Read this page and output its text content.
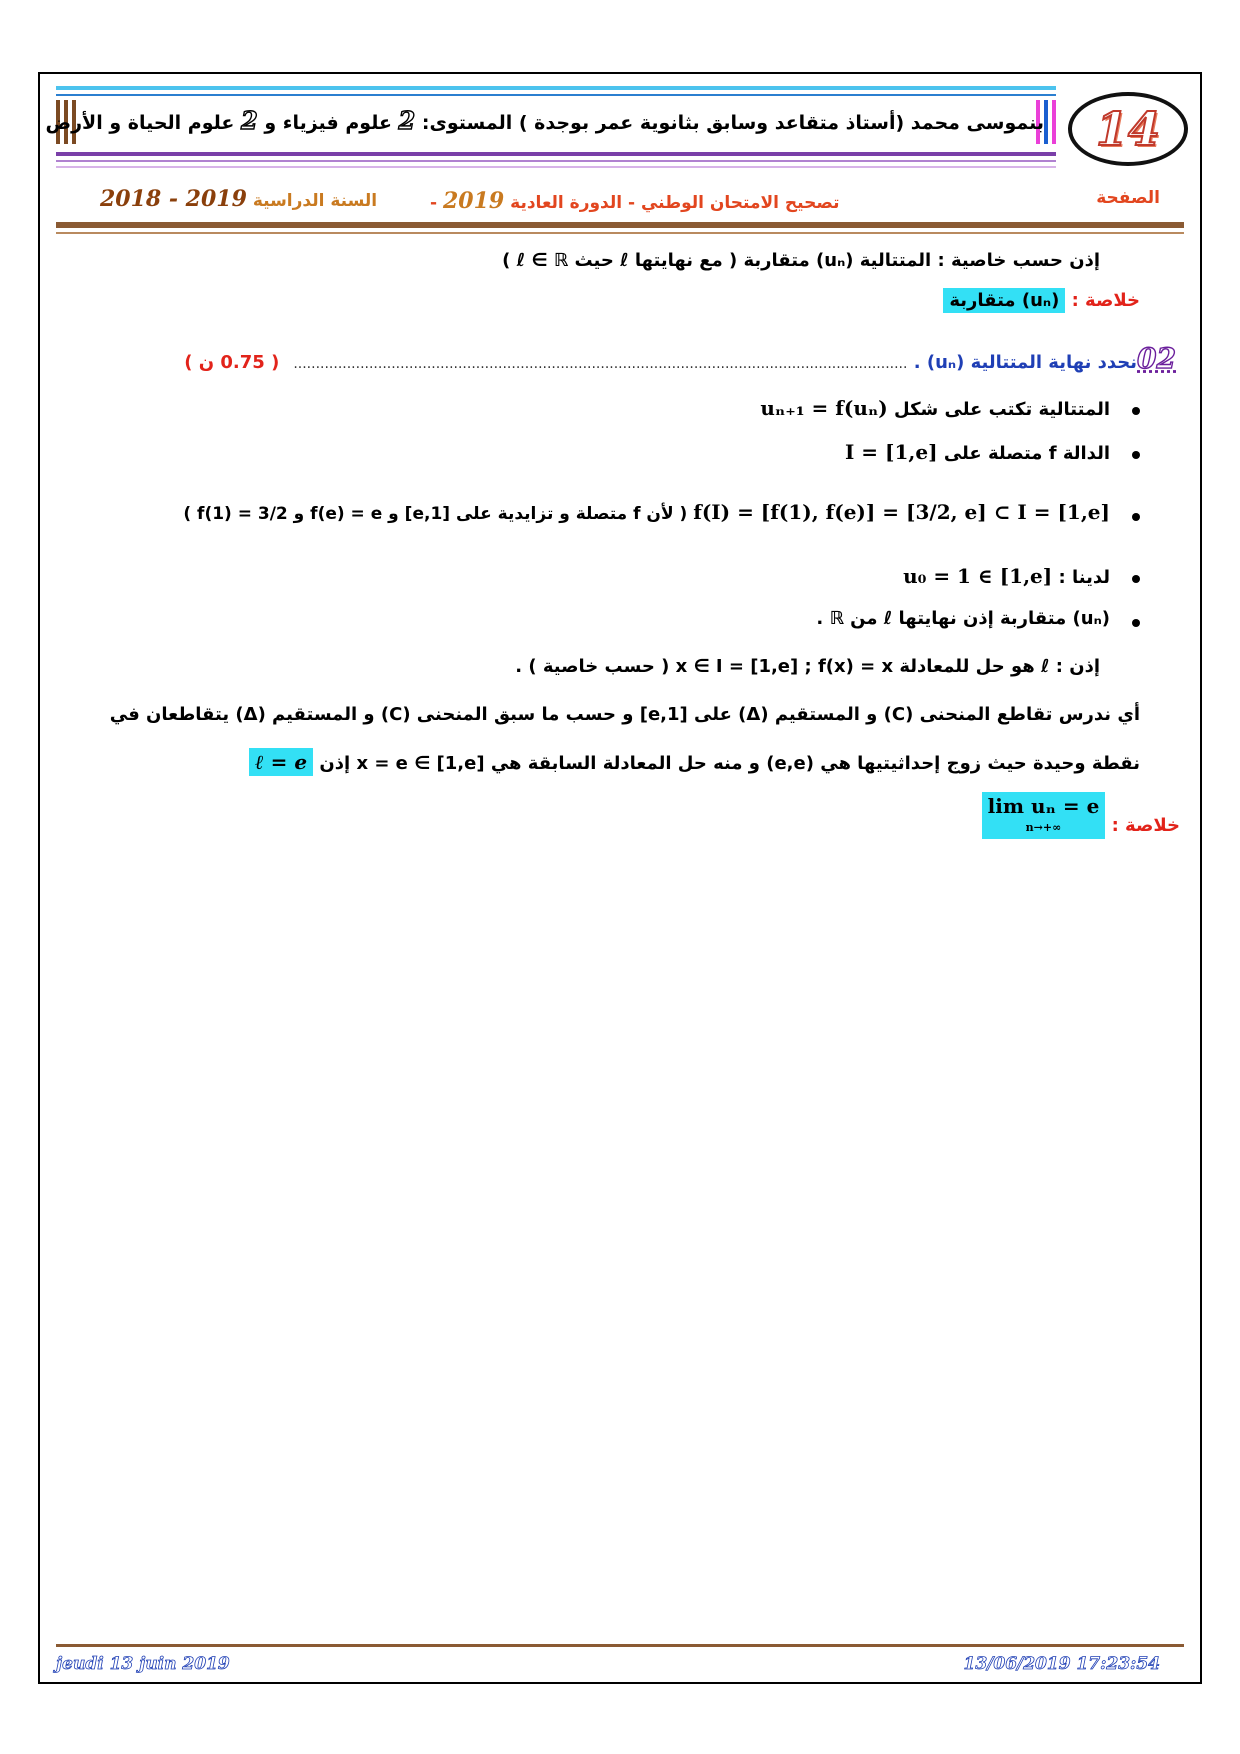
14
بنموسى محمد (أستاذ متقاعد وسابق بثانوية عمر بوجدة ) المستوى: 2 علوم فيزياء و 2 علوم الحياة و الأرض
الصفحة
تصحيح الامتحان الوطني - الدورة العادية 2019 -
السنة الدراسية 2018 - 2019
إذن حسب خاصية : المتتالية (uₙ) متقاربة ( مع نهايتها ℓ حيث ℓ ∈ ℝ )
خلاصة : (uₙ) متقاربة
02نحدد نهاية المتتالية (uₙ) . ..........................................................................................................................................( 0.75 ن )
المتتالية تكتب على شكل uₙ₊₁ = f(uₙ)
الدالة f متصلة على I = [1,e]
f(I) = [f(1), f(e)] = [3/2, e] ⊂ I = [1,e] ( لأن f متصلة و تزايدية على [1,e] و f(e) = e و f(1) = 3/2 )
لدينا : u₀ = 1 ∈ [1,e]
(uₙ) متقاربة إذن نهايتها ℓ من ℝ .
إذن : ℓ هو حل للمعادلة x ∈ I = [1,e] ; f(x) = x ( حسب خاصية ) .
أي ندرس تقاطع المنحنى (C) و المستقيم (Δ) على [1,e] و حسب ما سبق المنحنى (C) و المستقيم (Δ) يتقاطعان في
نقطة وحيدة حيث زوج إحداثيتيها هي (e,e) و منه حل المعادلة السابقة هي x = e ∈ [1,e] إذن ℓ = e
خلاصة : lim uₙ = e
n→+∞
jeudi 13 juin 2019	13/06/2019 17:23:54
